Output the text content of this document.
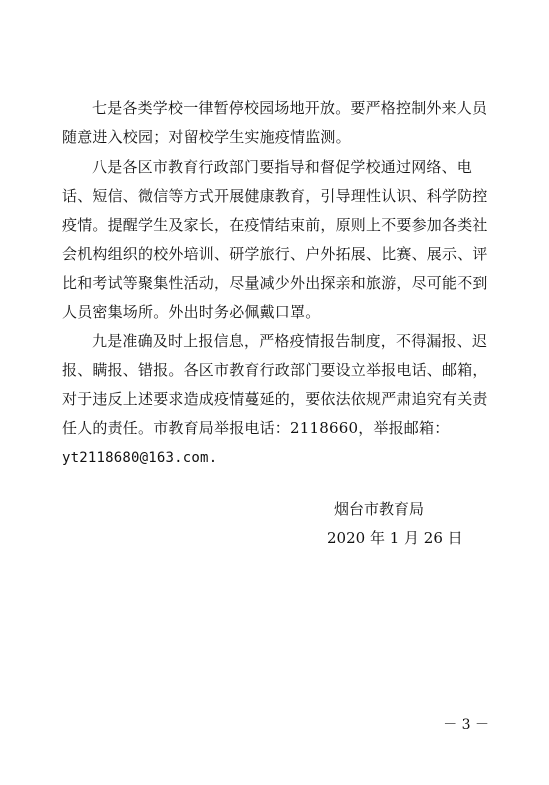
七是各类学校一律暂停校园场地开放。要严格控制外来人员
随意进入校园；对留校学生实施疫情监测。
八是各区市教育行政部门要指导和督促学校通过网络、电
话、短信、微信等方式开展健康教育，引导理性认识、科学防控
疫情。提醒学生及家长，在疫情结束前，原则上不要参加各类社
会机构组织的校外培训、研学旅行、户外拓展、比赛、展示、评
比和考试等聚集性活动，尽量减少外出探亲和旅游，尽可能不到
人员密集场所。外出时务必佩戴口罩。
九是准确及时上报信息，严格疫情报告制度，不得漏报、迟
报、瞒报、错报。各区市教育行政部门要设立举报电话、邮箱，
对于违反上述要求造成疫情蔓延的，要依法依规严肃追究有关责
任人的责任。市教育局举报电话：2118660，举报邮箱：
yt2118680@163.com.
烟台市教育局
2020 年 1 月 26 日
－ 3 －
